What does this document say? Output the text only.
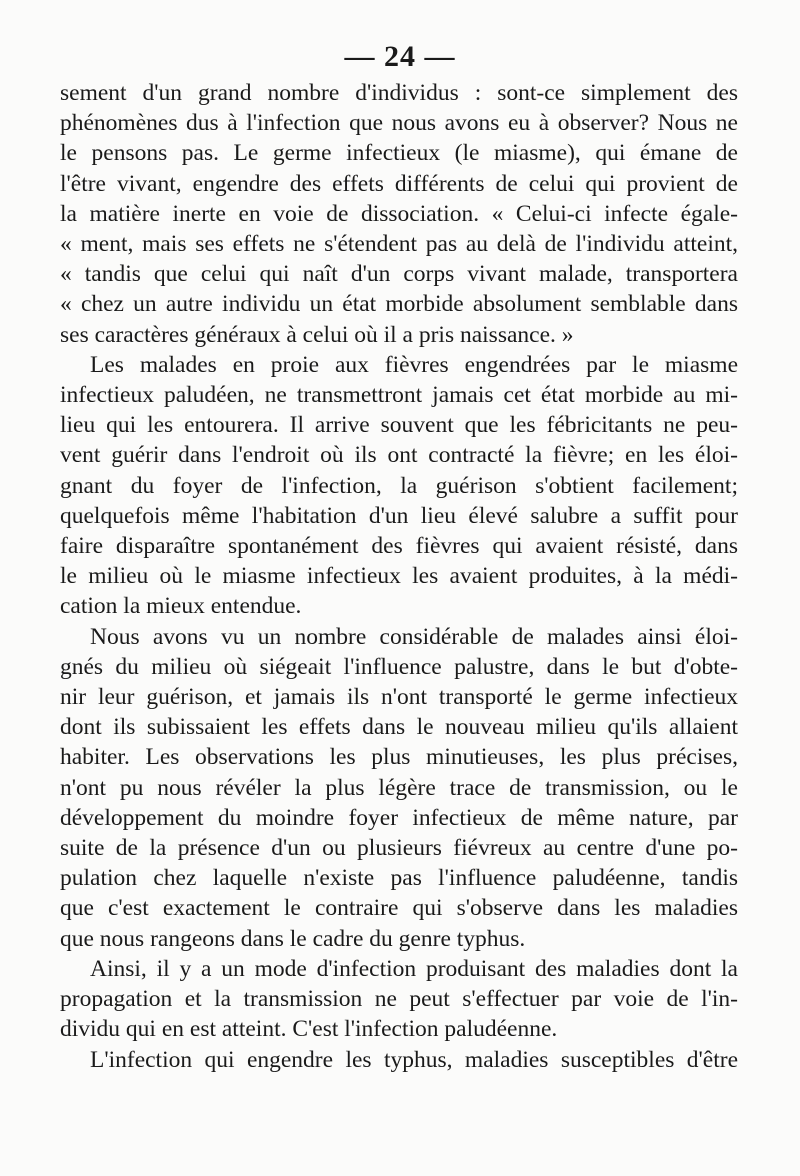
— 24 —
sement d'un grand nombre d'individus : sont-ce simplement des
phénomènes dus à l'infection que nous avons eu à observer? Nous ne
le pensons pas. Le germe infectieux (le miasme), qui émane de
l'être vivant, engendre des effets différents de celui qui provient de
la matière inerte en voie de dissociation. « Celui-ci infecte égale-
« ment, mais ses effets ne s'étendent pas au delà de l'individu atteint,
« tandis que celui qui naît d'un corps vivant malade, transportera
« chez un autre individu un état morbide absolument semblable dans
ses caractères généraux à celui où il a pris naissance. »
Les malades en proie aux fièvres engendrées par le miasme
infectieux paludéen, ne transmettront jamais cet état morbide au mi-
lieu qui les entourera. Il arrive souvent que les fébricitants ne peu-
vent guérir dans l'endroit où ils ont contracté la fièvre; en les éloi-
gnant du foyer de l'infection, la guérison s'obtient facilement;
quelquefois même l'habitation d'un lieu élevé salubre a suffit pour
faire disparaître spontanément des fièvres qui avaient résisté, dans
le milieu où le miasme infectieux les avaient produites, à la médi-
cation la mieux entendue.
Nous avons vu un nombre considérable de malades ainsi éloi-
gnés du milieu où siégeait l'influence palustre, dans le but d'obte-
nir leur guérison, et jamais ils n'ont transporté le germe infectieux
dont ils subissaient les effets dans le nouveau milieu qu'ils allaient
habiter. Les observations les plus minutieuses, les plus précises,
n'ont pu nous révéler la plus légère trace de transmission, ou le
développement du moindre foyer infectieux de même nature, par
suite de la présence d'un ou plusieurs fiévreux au centre d'une po-
pulation chez laquelle n'existe pas l'influence paludéenne, tandis
que c'est exactement le contraire qui s'observe dans les maladies
que nous rangeons dans le cadre du genre typhus.
Ainsi, il y a un mode d'infection produisant des maladies dont la
propagation et la transmission ne peut s'effectuer par voie de l'in-
dividu qui en est atteint. C'est l'infection paludéenne.
L'infection qui engendre les typhus, maladies susceptibles d'être
